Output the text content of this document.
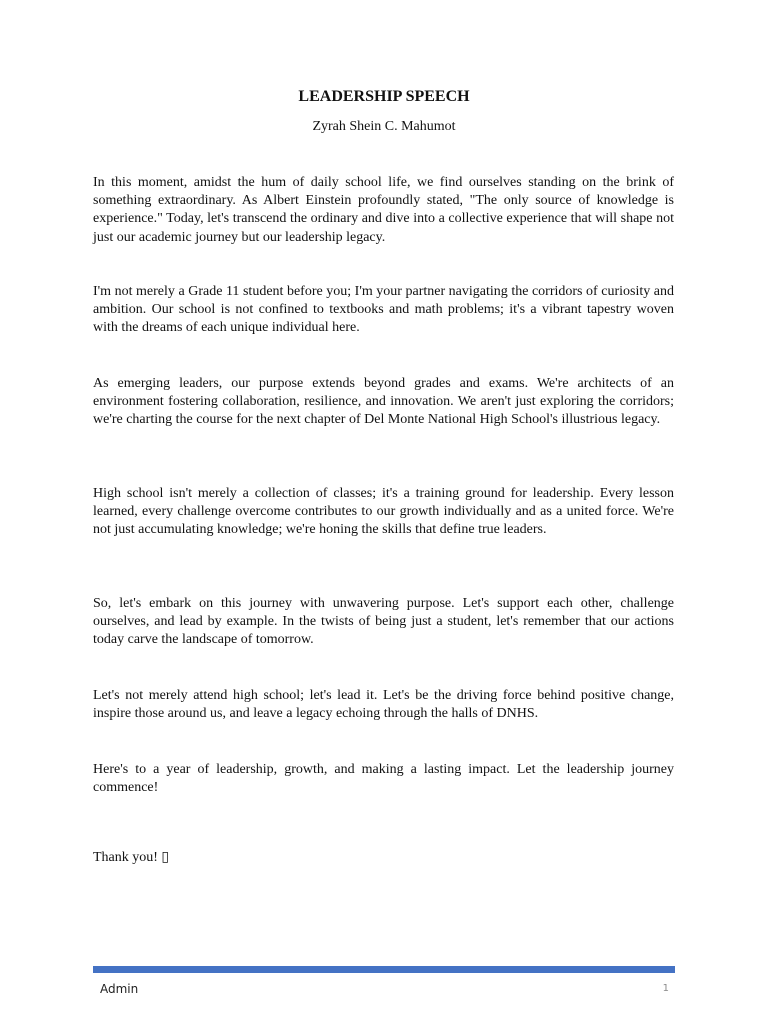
LEADERSHIP SPEECH
Zyrah Shein C. Mahumot

In this moment, amidst the hum of daily school life, we find ourselves standing on the brink of something extraordinary. As Albert Einstein profoundly stated, "The only source of knowledge is experience." Today, let's transcend the ordinary and dive into a collective experience that will shape not just our academic journey but our leadership legacy.

I'm not merely a Grade 11 student before you; I'm your partner navigating the corridors of curiosity and ambition. Our school is not confined to textbooks and math problems; it's a vibrant tapestry woven with the dreams of each unique individual here.

As emerging leaders, our purpose extends beyond grades and exams. We're architects of an environment fostering collaboration, resilience, and innovation. We aren't just exploring the corridors; we're charting the course for the next chapter of Del Monte National High School's illustrious legacy.

High school isn't merely a collection of classes; it's a training ground for leadership. Every lesson learned, every challenge overcome contributes to our growth individually and as a united force. We're not just accumulating knowledge; we're honing the skills that define true leaders.

So, let's embark on this journey with unwavering purpose. Let's support each other, challenge ourselves, and lead by example. In the twists of being just a student, let's remember that our actions today carve the landscape of tomorrow.

Let's not merely attend high school; let's lead it. Let's be the driving force behind positive change, inspire those around us, and leave a legacy echoing through the halls of DNHS.

Here's to a year of leadership, growth, and making a lasting impact. Let the leadership journey commence!

Thank you! ▯

Admin	1
